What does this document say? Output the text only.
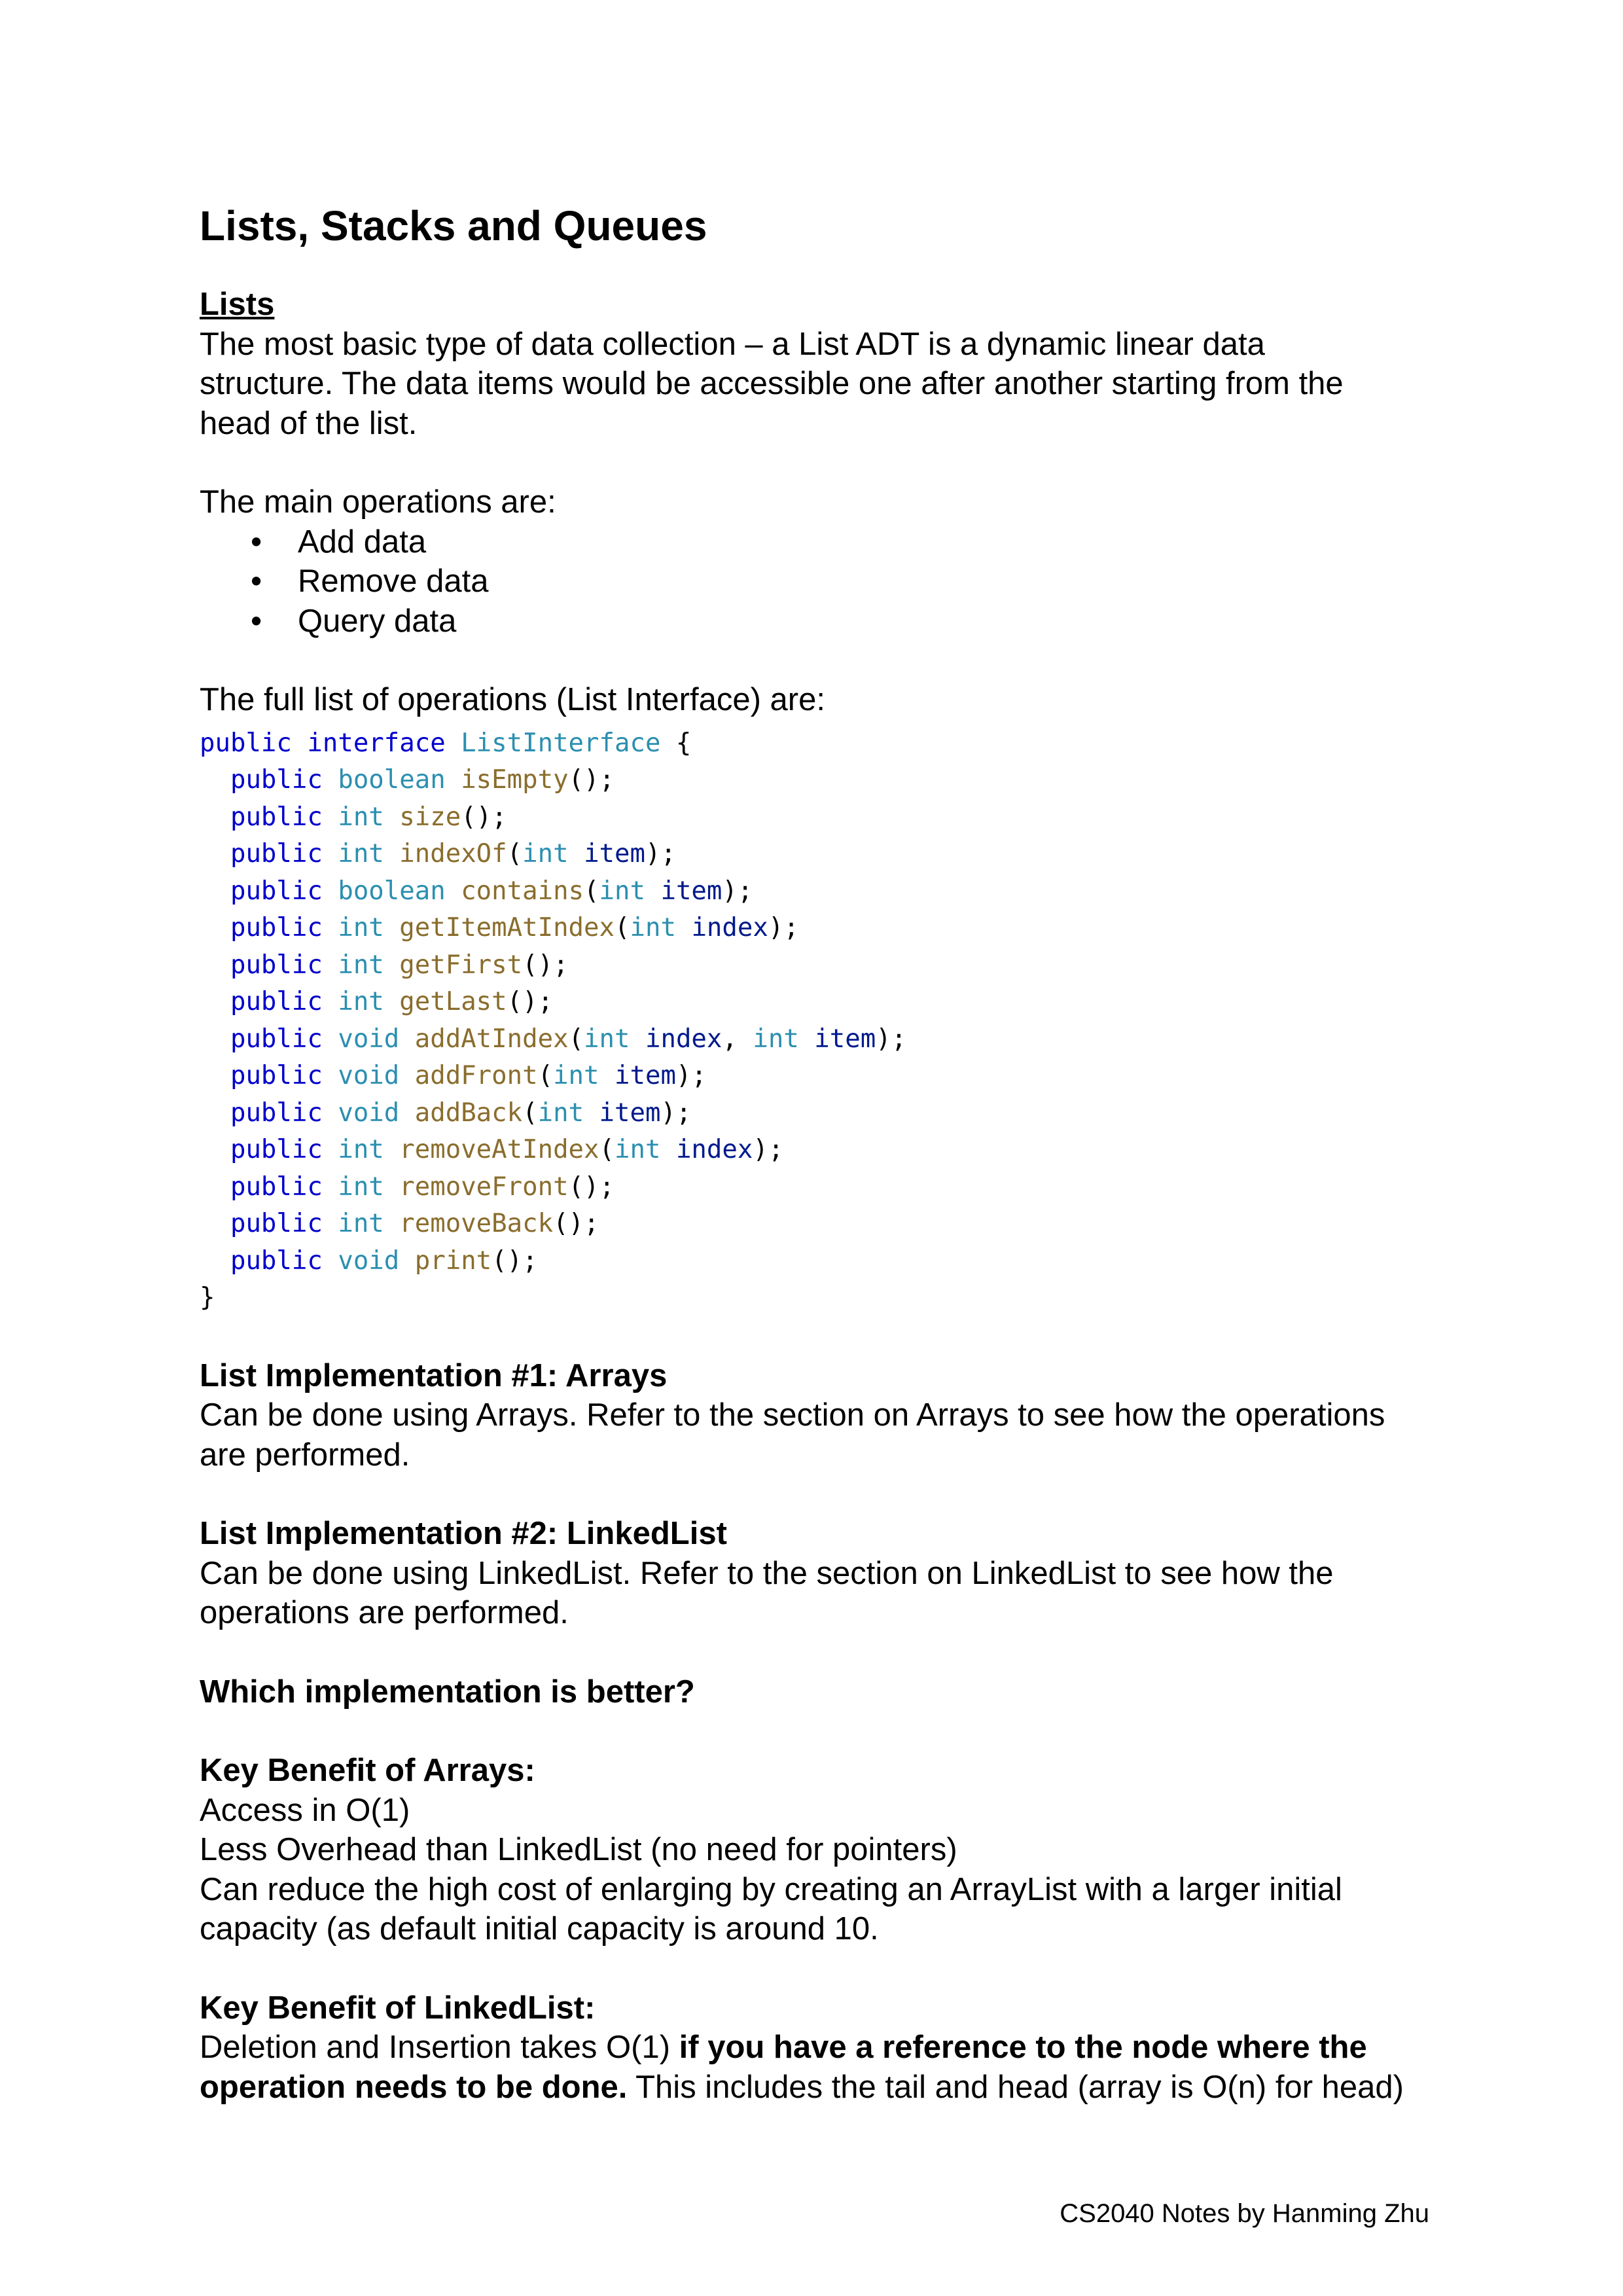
Lists, Stacks and Queues

Lists

The most basic type of data collection – a List ADT is a dynamic linear data

structure. The data items would be accessible one after another starting from the

head of the list.

The main operations are:

• Add data
• Remove data
• Query data

The full list of operations (List Interface) are:

public interface ListInterface {
public boolean isEmpty();
public int size();
public int indexOf(int item);
public boolean contains(int item);
public int getItemAtIndex(int index);
public int getFirst();
public int getLast();
public void addAtIndex(int index, int item);
public void addFront(int item);
public void addBack(int item);
public int removeAtIndex(int index);
public int removeFront();
public int removeBack();
public void print();
}

List Implementation #1: Arrays

Can be done using Arrays. Refer to the section on Arrays to see how the operations

are performed.

List Implementation #2: LinkedList

Can be done using LinkedList. Refer to the section on LinkedList to see how the

operations are performed.

Which implementation is better?

Key Benefit of Arrays:

Access in O(1)

Less Overhead than LinkedList (no need for pointers)

Can reduce the high cost of enlarging by creating an ArrayList with a larger initial

capacity (as default initial capacity is around 10.

Key Benefit of LinkedList:

Deletion and Insertion takes O(1) if you have a reference to the node where the

operation needs to be done. This includes the tail and head (array is O(n) for head)

CS2040 Notes by Hanming Zhu
